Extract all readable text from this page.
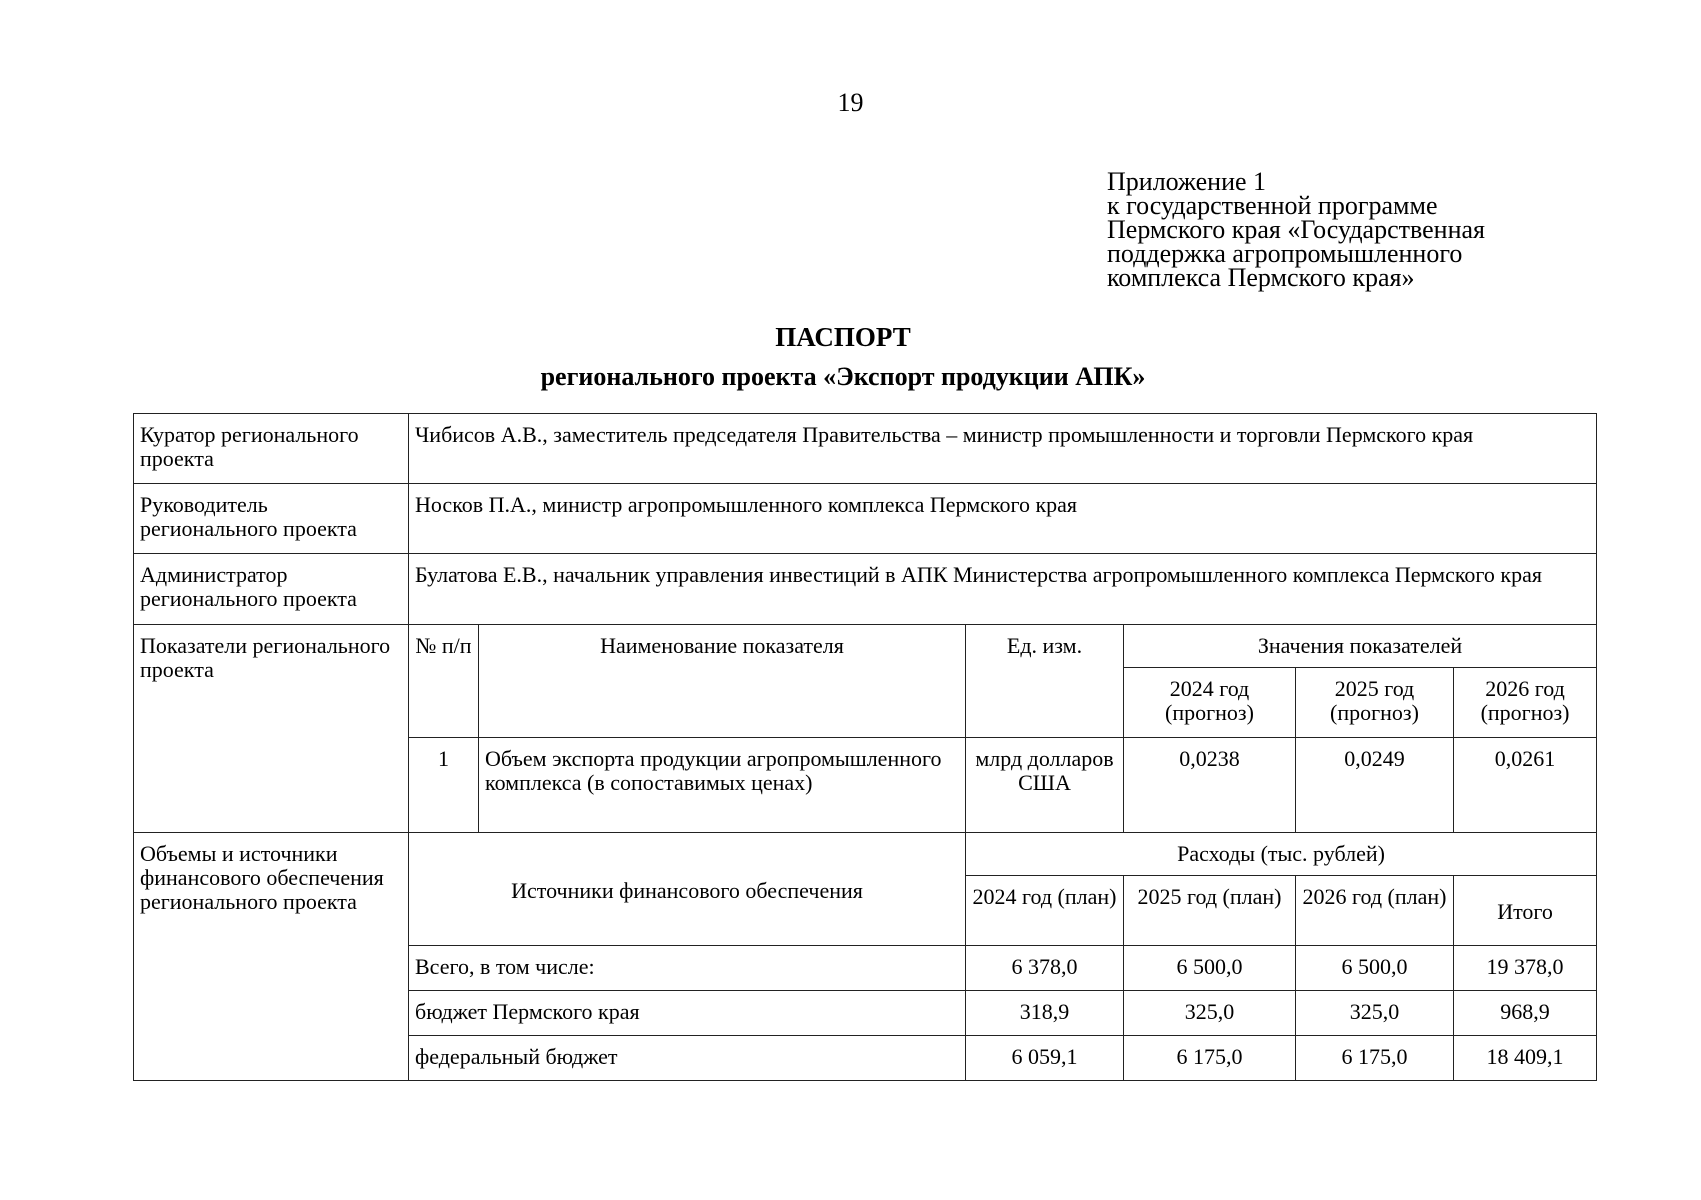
19
Приложение 1
к государственной программе
Пермского края «Государственная
поддержка агропромышленного
комплекса Пермского края»
ПАСПОРТ
регионального проекта «Экспорт продукции АПК»
Куратор регионального проекта	Чибисов А.В., заместитель председателя Правительства – министр промышленности и торговли Пермского края					
Руководитель регионального проекта	Носков П.А., министр агропромышленного комплекса Пермского края					
Администратор регионального проекта	Булатова Е.В., начальник управления инвестиций в АПК Министерства агропромышленного комплекса Пермского края					
Показатели регионального проекта	№ п/п	Наименование показателя	Ед. изм.	Значения показателей		
				2024 год (прогноз)	2025 год (прогноз)	2026 год (прогноз)
	1	Объем экспорта продукции агропромышленного комплекса (в сопоставимых ценах)	млрд долларов США	0,0238	0,0249	0,0261
Объемы и источники финансового обеспечения регионального проекта	Источники финансового обеспечения		Расходы (тыс. рублей)			
			2024 год (план)	2025 год (план)	2026 год (план)	Итого
	Всего, в том числе:		6 378,0	6 500,0	6 500,0	19 378,0
	бюджет Пермского края		318,9	325,0	325,0	968,9
	федеральный бюджет		6 059,1	6 175,0	6 175,0	18 409,1
